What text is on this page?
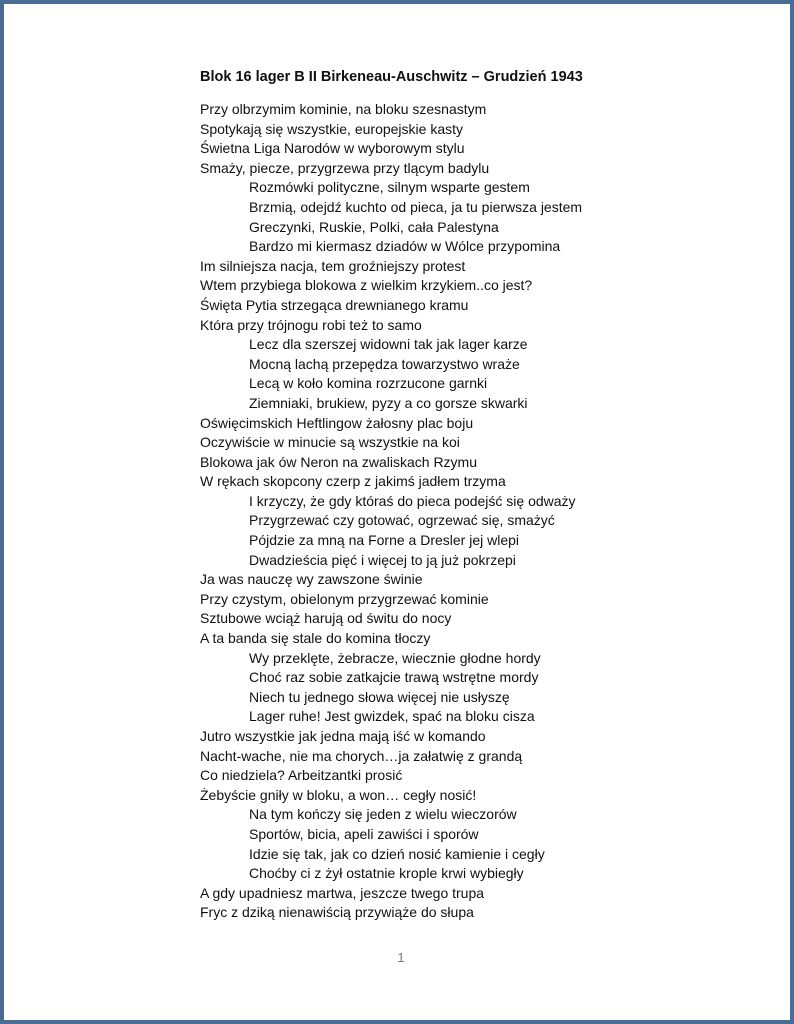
Blok 16 lager B II Birkeneau-Auschwitz – Grudzień 1943
Przy olbrzymim kominie, na bloku szesnastym
Spotykają się wszystkie, europejskie kasty
Świetna Liga Narodów w wyborowym stylu
Smaży, piecze, przygrzewa przy tlącym badylu
Rozmówki polityczne, silnym wsparte gestem
Brzmią, odejdź kuchto od pieca, ja tu pierwsza jestem
Greczynki, Ruskie, Polki, cała Palestyna
Bardzo mi kiermasz dziadów w Wólce przypomina
Im silniejsza nacja, tem groźniejszy protest
Wtem przybiega blokowa z wielkim krzykiem..co jest?
Święta Pytia strzegąca drewnianego kramu
Która przy trójnogu robi też to samo
Lecz dla szerszej widowni tak jak lager karze
Mocną lachą przepędza towarzystwo wraże
Lecą w koło komina rozrzucone garnki
Ziemniaki, brukiew, pyzy a co gorsze skwarki
Oświęcimskich Heftlingow żałosny plac boju
Oczywiście w minucie są wszystkie na koi
Blokowa jak ów Neron na zwaliskach Rzymu
W rękach skopcony czerp z jakimś jadłem trzyma
I krzyczy, że gdy któraś do pieca podejść się odważy
Przygrzewać czy gotować, ogrzewać się, smażyć
Pójdzie za mną na Forne a Dresler jej wlepi
Dwadzieścia pięć i więcej to ją już pokrzepi
Ja was nauczę wy zawszone świnie
Przy czystym, obielonym przygrzewać kominie
Sztubowe wciąż harują od świtu do nocy
A ta banda się stale do komina tłoczy
Wy przeklęte, żebracze, wiecznie głodne hordy
Choć raz sobie zatkajcie trawą wstrętne mordy
Niech tu jednego słowa więcej nie usłyszę
Lager ruhe! Jest gwizdek, spać na bloku cisza
Jutro wszystkie jak jedna mają iść w komando
Nacht-wache, nie ma chorych…ja załatwię z grandą
Co niedziela? Arbeitzantki prosić
Żebyście gniły w bloku, a won… cegły nosić!
Na tym kończy się jeden z wielu wieczorów
Sportów, bicia, apeli zawiści i sporów
Idzie się tak, jak co dzień nosić kamienie i cegły
Choćby ci z żył ostatnie krople krwi wybiegły
A gdy upadniesz martwa, jeszcze twego trupa
Fryc z dziką nienawiścią przywiąże do słupa
1
